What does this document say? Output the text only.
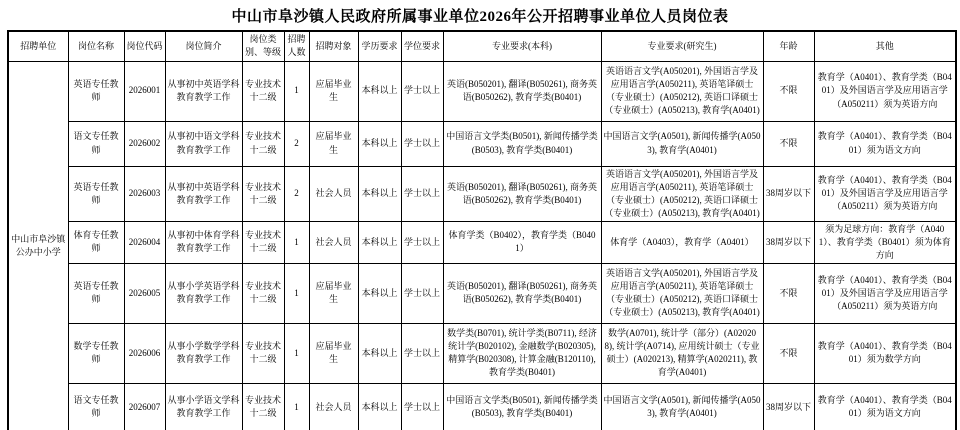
中山市阜沙镇人民政府所属事业单位2026年公开招聘事业单位人员岗位表
招聘单位	岗位名称	岗位代码	岗位简介	岗位类别、等级	招聘人数	招聘对象	学历要求	学位要求	专业要求(本科)	专业要求(研究生)	年龄	其他
中山市阜沙镇公办中小学	英语专任教师	2026001	从事初中英语学科教育教学工作	专业技术十二级	1	应届毕业生	本科以上	学士以上	英语(B050201), 翻译(B050261), 商务英语(B050262), 教育学类(B0401)	英语语言文学(A050201), 外国语言学及应用语言学(A050211), 英语笔译硕士（专业硕士）(A050212), 英语口译硕士（专业硕士）(A050213), 教育学(A0401)	不限	教育学（A0401）、教育学类（B0401）及外国语言学及应用语言学（A050211）须为英语方向
	语文专任教师	2026002	从事初中语文学科教育教学工作	专业技术十二级	2	应届毕业生	本科以上	学士以上	中国语言文学类(B0501), 新闻传播学类(B0503), 教育学类(B0401)	中国语言文学(A0501), 新闻传播学(A0503), 教育学(A0401)	不限	教育学（A0401）、教育学类（B0401）须为语文方向
	英语专任教师	2026003	从事初中英语学科教育教学工作	专业技术十二级	2	社会人员	本科以上	学士以上	英语(B050201), 翻译(B050261), 商务英语(B050262), 教育学类(B0401)	英语语言文学(A050201), 外国语言学及应用语言学(A050211), 英语笔译硕士（专业硕士）(A050212), 英语口译硕士（专业硕士）(A050213), 教育学(A0401)	38周岁以下	教育学（A0401）、教育学类（B0401）及外国语言学及应用语言学（A050211）须为英语方向
	体育专任教师	2026004	从事初中体育学科教育教学工作	专业技术十二级	1	社会人员	本科以上	学士以上	体育学类（B0402），教育学类（B0401）	体育学（A0403），教育学（A0401）	38周岁以下	须为足球方向：教育学（A0401）、教育学类（B0401）须为体育方向
	英语专任教师	2026005	从事小学英语学科教育教学工作	专业技术十二级	1	应届毕业生	本科以上	学士以上	英语(B050201), 翻译(B050261), 商务英语(B050262), 教育学类(B0401)	英语语言文学(A050201), 外国语言学及应用语言学(A050211), 英语笔译硕士（专业硕士）(A050212), 英语口译硕士（专业硕士）(A050213), 教育学(A0401)	不限	教育学（A0401）、教育学类（B0401）及外国语言学及应用语言学（A050211）须为英语方向
	数学专任教师	2026006	从事小学数学学科教育教学工作	专业技术十二级	1	应届毕业生	本科以上	学士以上	数学类(B0701), 统计学类(B0711), 经济统计学(B020102), 金融数学(B020305), 精算学(B020308), 计算金融(B120110), 教育学类(B0401)	数学(A0701), 统计学（部分）(A020208), 统计学(A0714), 应用统计硕士（专业硕士）(A020213), 精算学(A020211), 教育学(A0401)	不限	教育学（A0401）、教育学类（B0401）须为数学方向
	语文专任教师	2026007	从事小学语文学科教育教学工作	专业技术十二级	1	社会人员	本科以上	学士以上	中国语言文学类(B0501), 新闻传播学类(B0503), 教育学类(B0401)	中国语言文学(A0501), 新闻传播学(A0503), 教育学(A0401)	38周岁以下	教育学（A0401）、教育学类（B0401）须为语文方向
